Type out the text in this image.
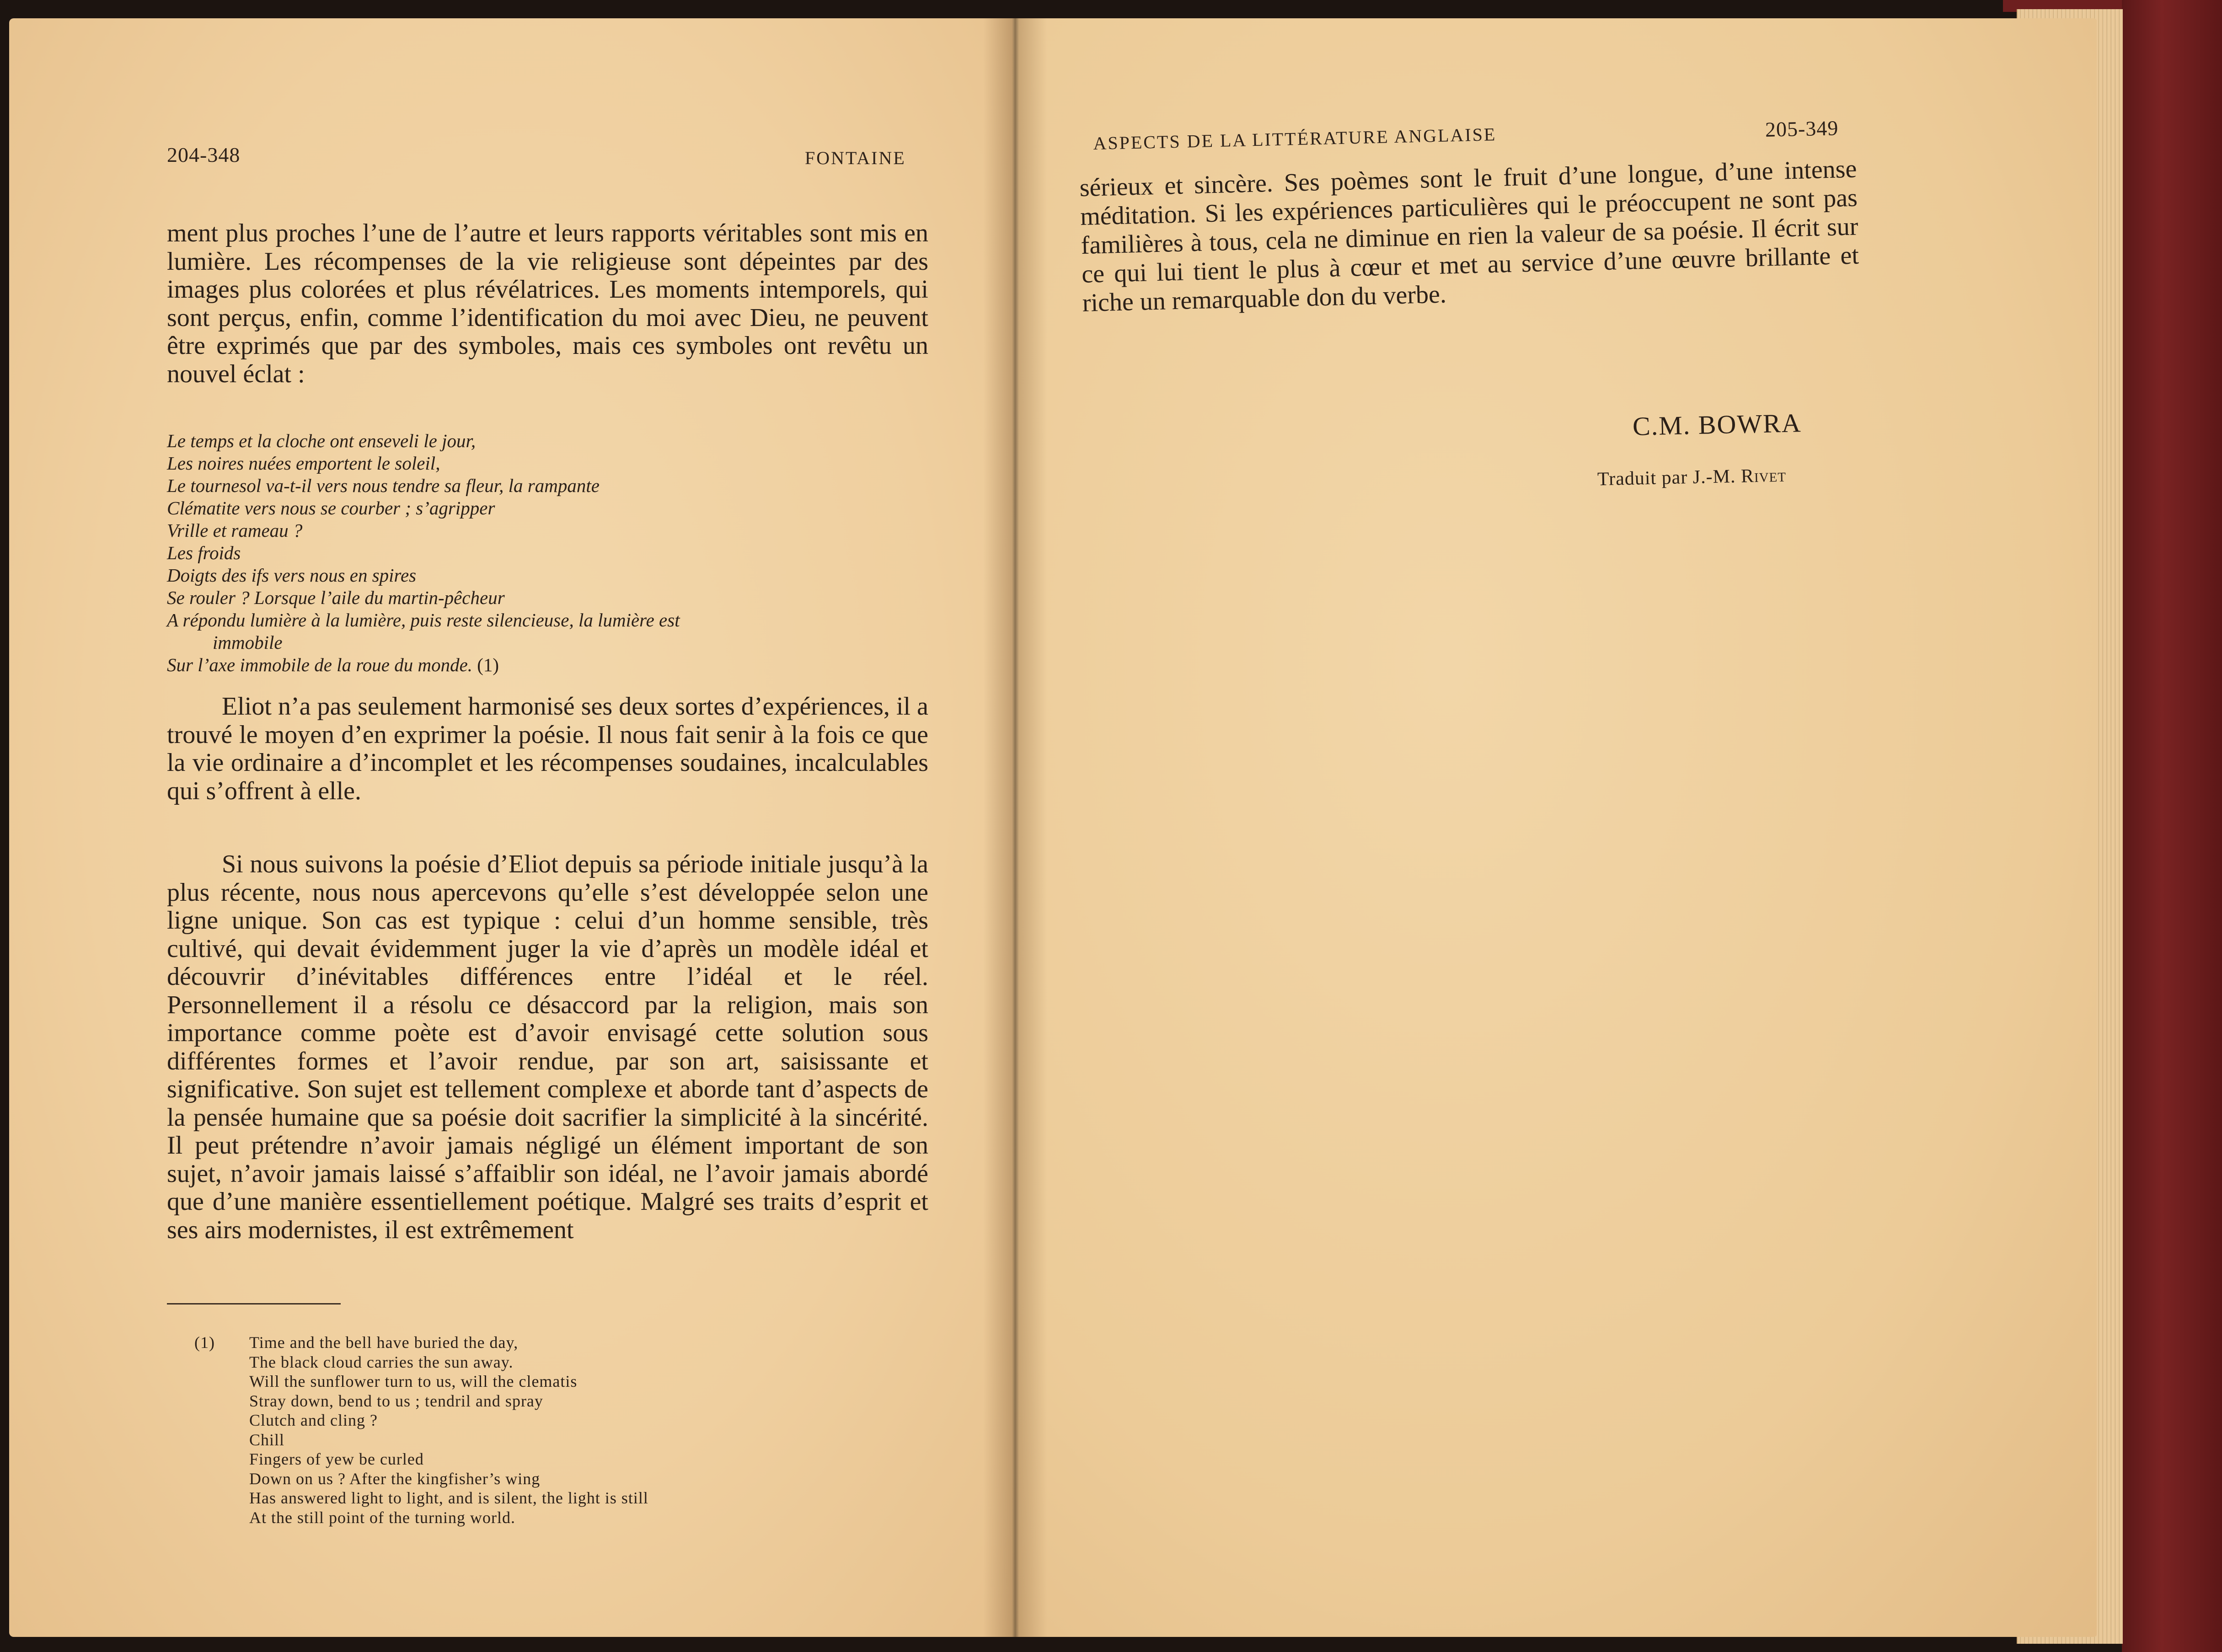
204-348	FONTAINE

ment plus proches l’une de l’autre et leurs rapports véritables sont mis en lumière. Les récompenses de la vie religieuse sont dépeintes par des images plus colorées et plus révélatrices. Les moments intemporels, qui sont perçus, enfin, comme l’identification du moi avec Dieu, ne peuvent être exprimés que par des symboles, mais ces symboles ont revêtu un nouvel éclat :

Le temps et la cloche ont enseveli le jour,
Les noires nuées emportent le soleil,
Le tournesol va-t-il vers nous tendre sa fleur, la rampante
Clématite vers nous se courber ; s’agripper
Vrille et rameau ?
Les froids
Doigts des ifs vers nous en spires
Se rouler ? Lorsque l’aile du martin-pêcheur
A répondu lumière à la lumière, puis reste silencieuse, la lumière est
immobile
Sur l’axe immobile de la roue du monde. (1)

Eliot n’a pas seulement harmonisé ses deux sortes d’expériences, il a trouvé le moyen d’en exprimer la poésie. Il nous fait senir à la fois ce que la vie ordinaire a d’incomplet et les récompenses soudaines, incalculables qui s’offrent à elle.

Si nous suivons la poésie d’Eliot depuis sa période initiale jusqu’à la plus récente, nous nous apercevons qu’elle s’est développée selon une ligne unique. Son cas est typique : celui d’un homme sensible, très cultivé, qui devait évidemment juger la vie d’après un modèle idéal et découvrir d’inévitables différences entre l’idéal et le réel. Personnellement il a résolu ce désaccord par la religion, mais son importance comme poète est d’avoir envisagé cette solution sous différentes formes et l’avoir rendue, par son art, saisissante et significative. Son sujet est tellement complexe et aborde tant d’aspects de la pensée humaine que sa poésie doit sacrifier la simplicité à la sincérité. Il peut prétendre n’avoir jamais négligé un élément important de son sujet, n’avoir jamais laissé s’affaiblir son idéal, ne l’avoir jamais abordé que d’une manière essentiellement poétique. Malgré ses traits d’esprit et ses airs modernistes, il est extrêmement

(1) Time and the bell have buried the day,
The black cloud carries the sun away.
Will the sunflower turn to us, will the clematis
Stray down, bend to us ; tendril and spray
Clutch and cling ?
Chill
Fingers of yew be curled
Down on us ? After the kingfisher’s wing
Has answered light to light, and is silent, the light is still
At the still point of the turning world.
ASPECTS DE LA LITTÉRATURE ANGLAISE	205-349
sérieux et sincère. Ses poèmes sont le fruit d’une longue, d’une intense méditation. Si les expériences particulières qui le préoccupent ne sont pas familières à tous, cela ne diminue en rien la valeur de sa poésie. Il écrit sur ce qui lui tient le plus à cœur et met au service d’une œuvre brillante et riche un remarquable don du verbe.
C.M. BOWRA
Traduit par J.-M. Rivet
